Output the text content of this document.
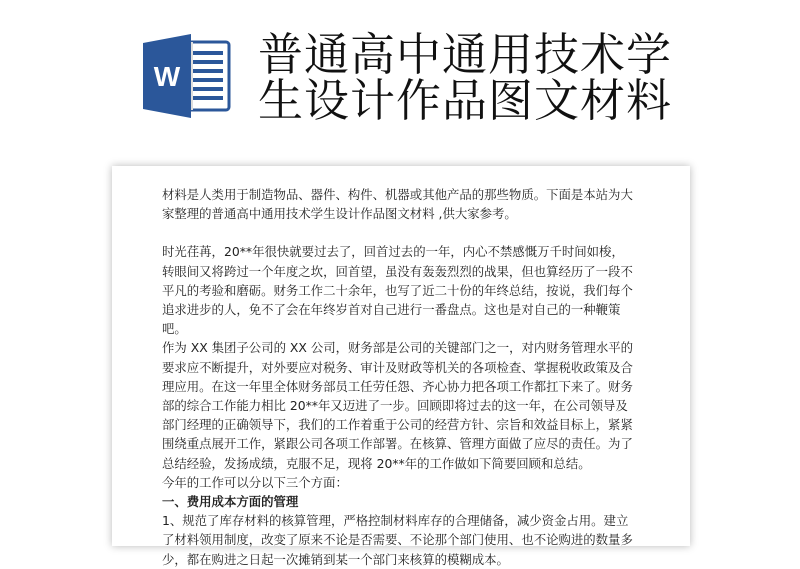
W 普通高中通用技术学
生设计作品图文材料

材料是人类用于制造物品、器件、构件、机器或其他产品的那些物质。下面是本站为大家整理的普通高中通用技术学生设计作品图文材料 ,供大家参考。

时光荏苒，20**年很快就要过去了，回首过去的一年，内心不禁感慨万千时间如梭，转眼间又将跨过一个年度之坎，回首望，虽没有轰轰烈烈的战果，但也算经历了一段不平凡的考验和磨砺。财务工作二十余年，也写了近二十份的年终总结，按说，我们每个追求进步的人，免不了会在年终岁首对自己进行一番盘点。这也是对自己的一种鞭策吧。

作为 XX 集团子公司的 XX 公司，财务部是公司的关键部门之一，对内财务管理水平的要求应不断提升，对外要应对税务、审计及财政等机关的各项检查、掌握税收政策及合理应用。在这一年里全体财务部员工任劳任怨、齐心协力把各项工作都扛下来了。财务部的综合工作能力相比 20**年又迈进了一步。回顾即将过去的这一年，在公司领导及部门经理的正确领导下，我们的工作着重于公司的经营方针、宗旨和效益目标上，紧紧围绕重点展开工作，紧跟公司各项工作部署。在核算、管理方面做了应尽的责任。为了总结经验，发扬成绩，克服不足，现将 20**年的工作做如下简要回顾和总结。

今年的工作可以分以下三个方面：

一、费用成本方面的管理

1、规范了库存材料的核算管理，严格控制材料库存的合理储备，减少资金占用。建立了材料领用制度，改变了原来不论是否需要、不论那个部门使用、也不论购进的数量多少，都在购进之日起一次摊销到某一个部门来核算的模糊成本。
